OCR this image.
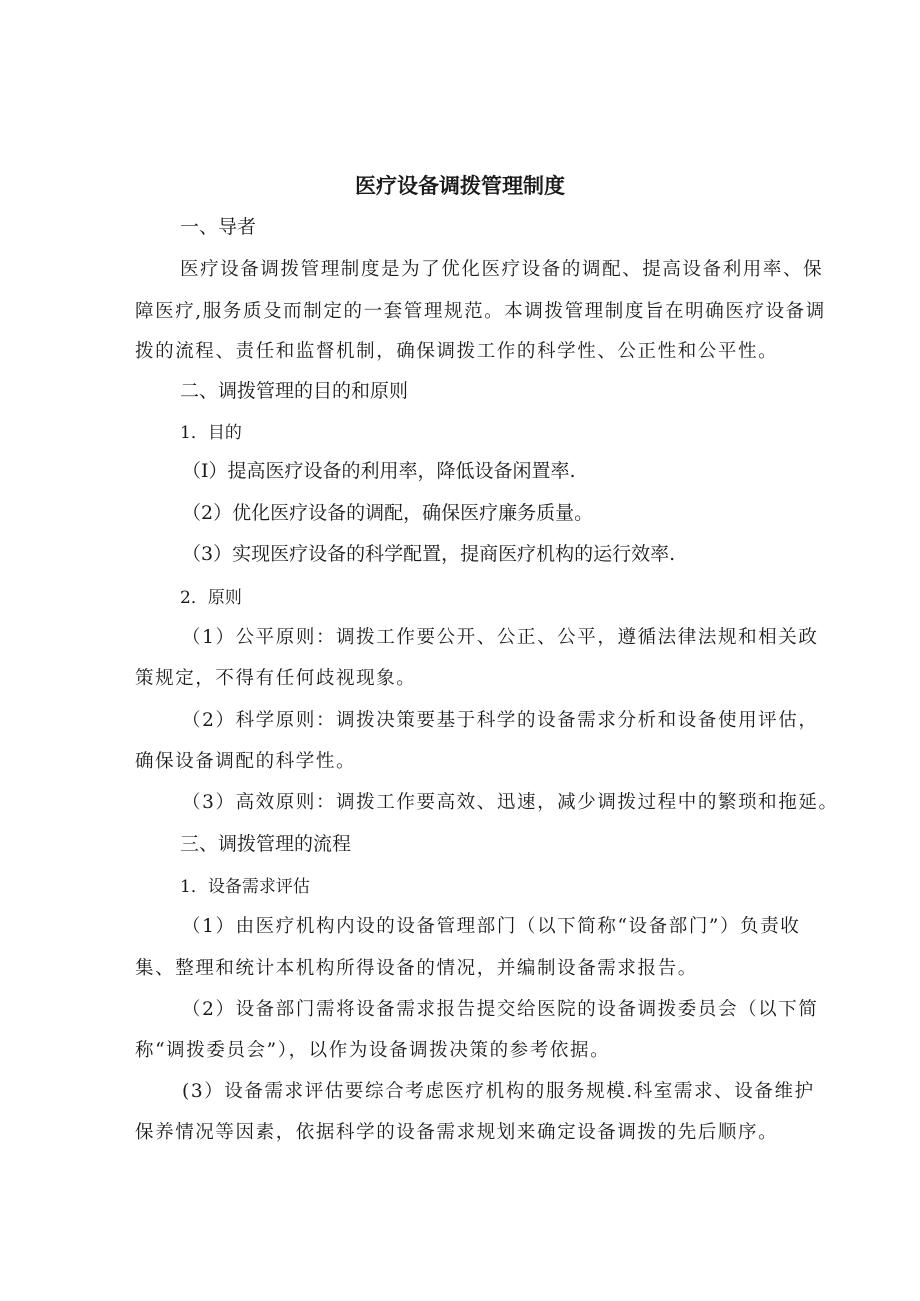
医疗设备调拨管理制度
一、导者
医疗设备调拨管理制度是为了优化医疗设备的调配、提高设备利用率、保
障医疗,服务质殳而制定的一套管理规范。本调拨管理制度旨在明确医疗设备调
拨的流程、责任和监督机制，确保调拨工作的科学性、公正性和公平性。
二、调拨管理的目的和原则
1．目的
（I）提高医疗设备的利用率，降低设备闲置率.
（2）优化医疗设备的调配，确保医疗廉务质量。
（3）实现医疗设备的科学配置，提商医疗机构的运行效率.
2．原则
（1）公平原则：调拨工作要公开、公正、公平，遵循法律法规和相关政
策规定，不得有任何歧视现象。
（2）科学原则：调拨决策要基于科学的设备需求分析和设备使用评估，
确保设备调配的科学性。
（3）高效原则：调拨工作要高效、迅速，减少调拨过程中的繁琐和拖延。
三、调拨管理的流程
1．设备需求评估
（1）由医疗机构内设的设备管理部门（以下简称“设备部门”）负责收
集、整理和统计本机构所得设备的情况，并编制设备需求报告。
（2）设备部门需将设备需求报告提交给医院的设备调拨委员会（以下简
称“调拨委员会”），以作为设备调拨决策的参考依据。
(3）设备需求评估要综合考虑医疗机构的服务规模.科室需求、设备维护
保养情况等因素，依据科学的设备需求规划来确定设备调拨的先后顺序。
